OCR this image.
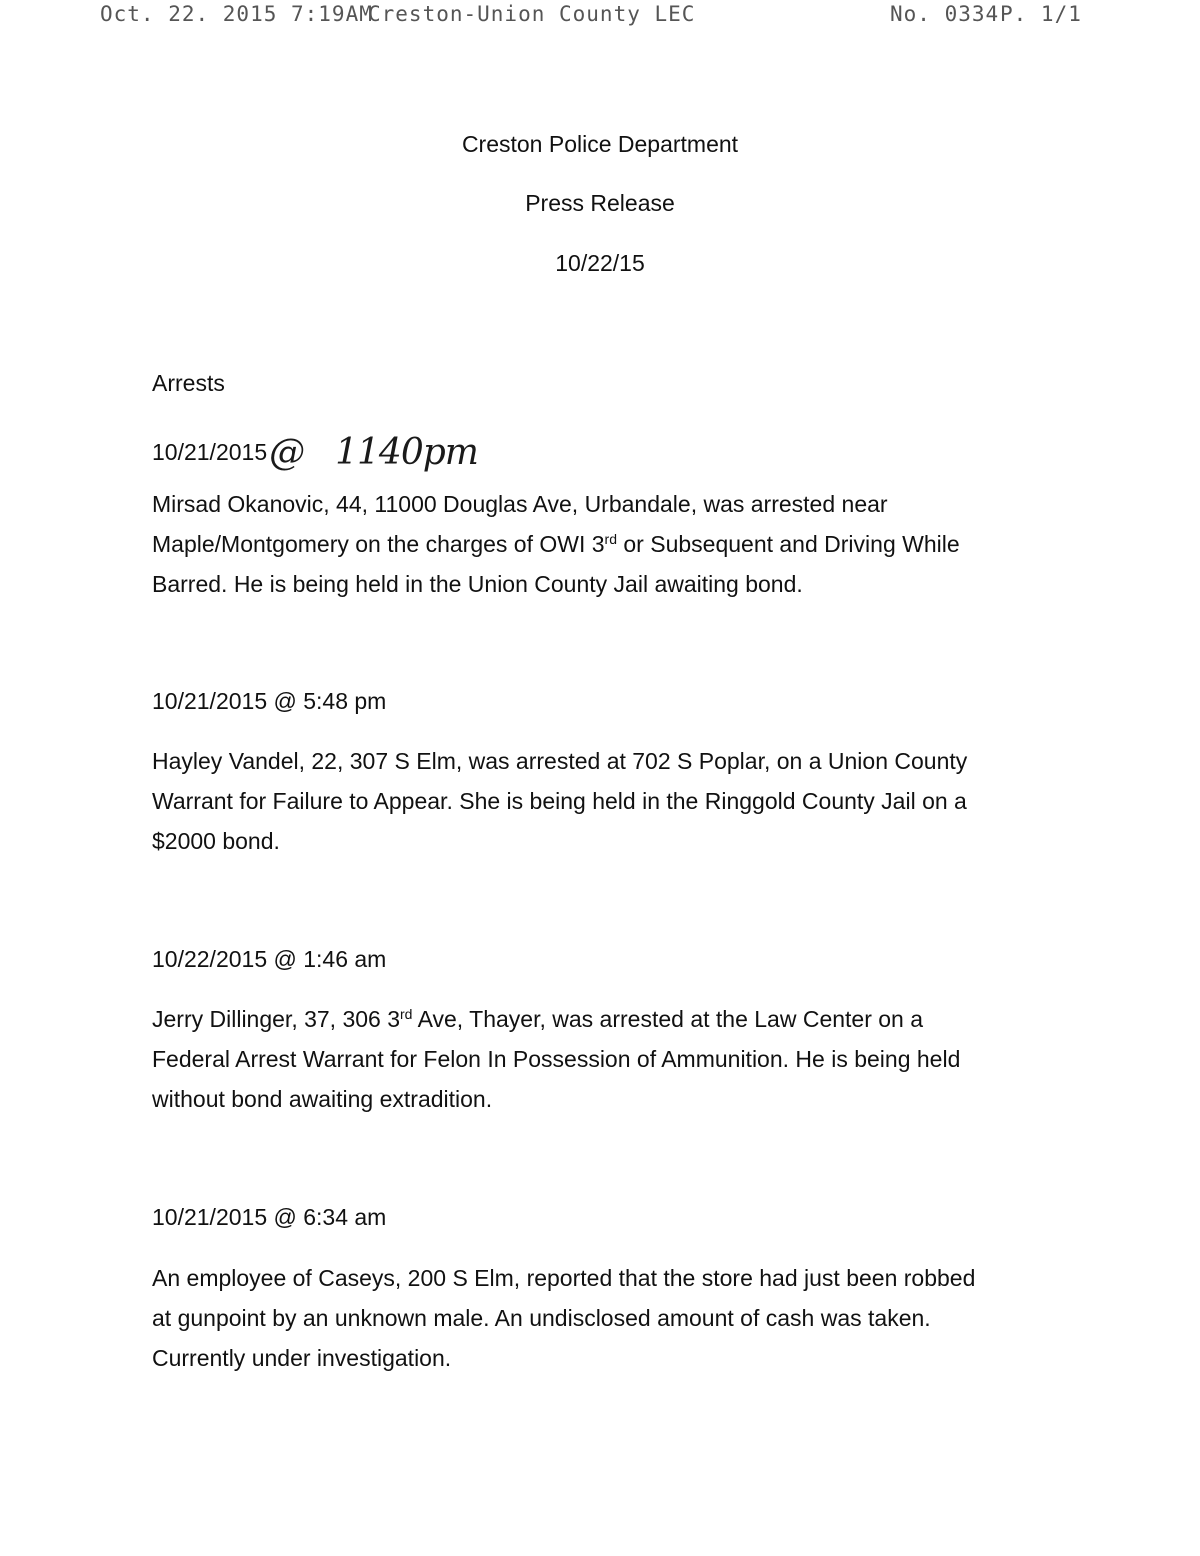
Oct. 22. 2015 7:19AM
Creston-Union County LEC	No. 0334 P. 1/1
Creston Police Department
Press Release
10/22/15
Arrests
10/21/2015@ 1140pm

Mirsad Okanovic, 44, 11000 Douglas Ave, Urbandale, was arrested near

Maple/Montgomery on the charges of OWI 3rd or Subsequent and Driving While

Barred. He is being held in the Union County Jail awaiting bond.

10/21/2015 @ 5:48 pm

Hayley Vandel, 22, 307 S Elm, was arrested at 702 S Poplar, on a Union County

Warrant for Failure to Appear. She is being held in the Ringgold County Jail on a

$2000 bond.

10/22/2015 @ 1:46 am

Jerry Dillinger, 37, 306 3rd Ave, Thayer, was arrested at the Law Center on a

Federal Arrest Warrant for Felon In Possession of Ammunition. He is being held

without bond awaiting extradition.

10/21/2015 @ 6:34 am

An employee of Caseys, 200 S Elm, reported that the store had just been robbed

at gunpoint by an unknown male. An undisclosed amount of cash was taken.

Currently under investigation.
